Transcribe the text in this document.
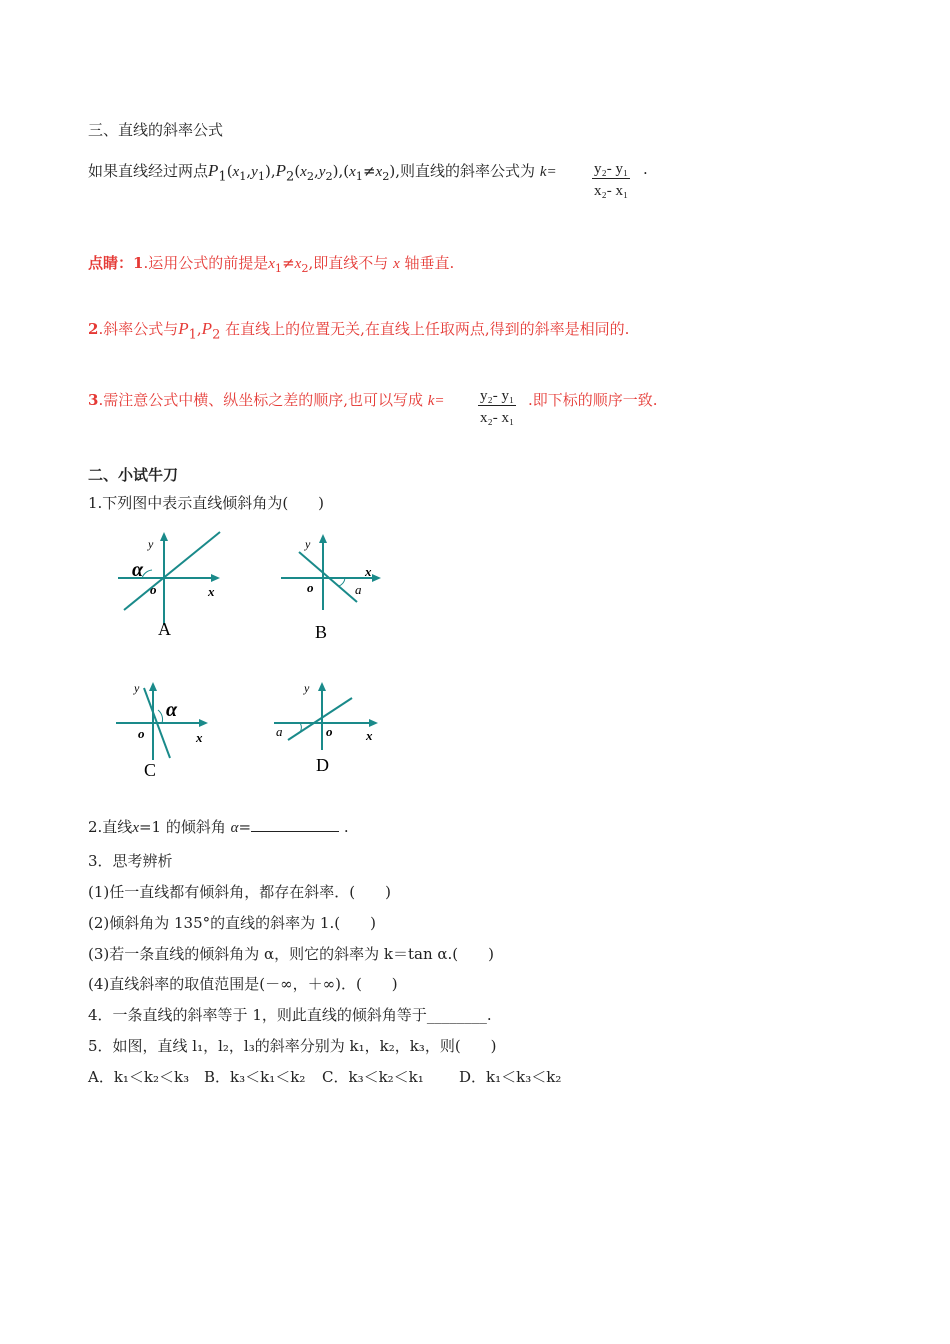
三、直线的斜率公式
如果直线经过两点$P1(x_1,y_1),P2(x_2,y_2),(x_1\ne x_2)$,则直线的斜率公式为 $k= \frac{\text{y₂- y₁}}{\text{x₂- x₁}}$ .
点睛：1.运用公式的前提是$x_1\ne x_2$,即直线不与 x 轴垂直.
2.斜率公式与P1,P2 在直线上的位置无关,在直线上任取两点,得到的斜率是相同的.
3.需注意公式中横、纵坐标之差的顺序,也可以写成 $k= \frac{\text{y₂- y₁}}{\text{x₂- x₁}}$ .即下标的顺序一致.
二、小试牛刀
1.下列图中表示直线倾斜角为(　　)
α
y
o	x
A
a
y
o
x
B
α
y
o	x
C
a
y
o	x
D
2.直线x=1 的倾斜角 α=	.
3．思考辨析
(1)任一直线都有倾斜角，都存在斜率．(　　)
(2)倾斜角为 135°的直线的斜率为 1.(　　)
(3)若一条直线的倾斜角为 α，则它的斜率为 k＝tan α.(　　)
(4)直线斜率的取值范围是(－∞，＋∞)．(　　)
4．一条直线的斜率等于 1，则此直线的倾斜角等于________.
5．如图，直线 l₁，l₂，l₃的斜率分别为 k₁，k₂，k₃，则(　　)
A．k₁＜k₂＜k₃ B．k₃＜k₁＜k₂ C．k₃＜k₂＜k₁ D．k₁＜k₃＜k₂
